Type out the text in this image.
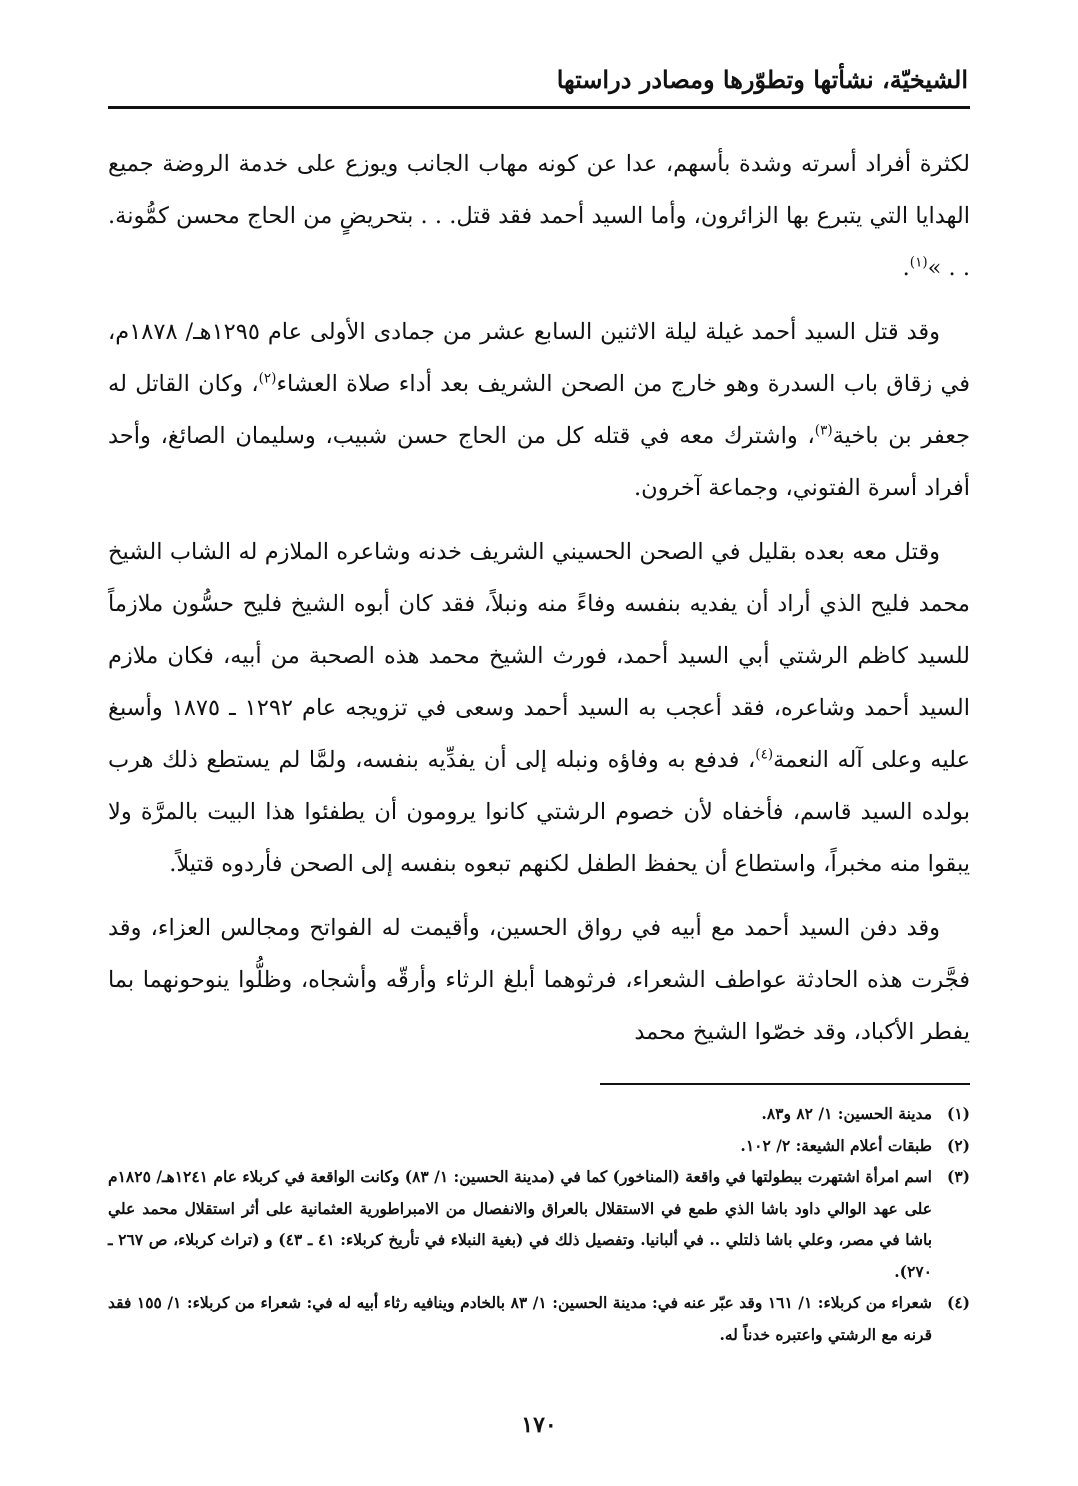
الشيخيّة، نشأتها وتطوّرها ومصادر دراستها

لكثرة أفراد أسرته وشدة بأسهم، عدا عن كونه مهاب الجانب ويوزع على خدمة الروضة جميع الهدايا التي يتبرع بها الزائرون، وأما السيد أحمد فقد قتل. . . بتحريضٍ من الحاج محسن كمُّونة. . . »$^{(١)}$.

وقد قتل السيد أحمد غيلة ليلة الاثنين السابع عشر من جمادى الأولى عام ١٢٩٥هـ/ ١٨٧٨م، في زقاق باب السدرة وهو خارج من الصحن الشريف بعد أداء صلاة العشاء$^{(٢)}$، وكان القاتل له جعفر بن باخية$^{(٣)}$، واشترك معه في قتله كل من الحاج حسن شبيب، وسليمان الصائغ، وأحد أفراد أسرة الفتوني، وجماعة آخرون.

وقتل معه بعده بقليل في الصحن الحسيني الشريف خدنه وشاعره الملازم له الشاب الشيخ محمد فليح الذي أراد أن يفديه بنفسه وفاءً منه ونبلاً، فقد كان أبوه الشيخ فليح حسُّون ملازماً للسيد كاظم الرشتي أبي السيد أحمد، فورث الشيخ محمد هذه الصحبة من أبيه، فكان ملازم السيد أحمد وشاعره، فقد أعجب به السيد أحمد وسعى في تزويجه عام ١٢٩٢ ـ ١٨٧٥ وأسبغ عليه وعلى آله النعمة$^{(٤)}$، فدفع به وفاؤه ونبله إلى أن يفدِّيه بنفسه، ولمَّا لم يستطع ذلك هرب بولده السيد قاسم، فأخفاه لأن خصوم الرشتي كانوا يرومون أن يطفئوا هذا البيت بالمرَّة ولا يبقوا منه مخبراً، واستطاع أن يحفظ الطفل لكنهم تبعوه بنفسه إلى الصحن فأردوه قتيلاً.

وقد دفن السيد أحمد مع أبيه في رواق الحسين، وأقيمت له الفواتح ومجالس العزاء، وقد فجَّرت هذه الحادثة عواطف الشعراء، فرثوهما أبلغ الرثاء وأرقّه وأشجاه، وظلُّوا ينوحونهما بما يفطر الأكباد، وقد خصّوا الشيخ محمد

(١)
مدينة الحسين: ١/ ٨٢ و٨٣.
(٢)
طبقات أعلام الشيعة: ٢/ ١٠٢.
(٣)
اسم امرأة اشتهرت ببطولتها في واقعة (المناخور) كما في (مدينة الحسين: ١/ ٨٣) وكانت الواقعة في كربلاء عام ١٢٤١هـ/ ١٨٢٥م على عهد الوالي داود باشا الذي طمع في الاستقلال بالعراق والانفصال من الامبراطورية العثمانية على أثر استقلال محمد علي باشا في مصر، وعلي باشا ذلتلي .. في ألبانيا. وتفصيل ذلك في (بغية النبلاء في تأريخ كربلاء: ٤١ ـ ٤٣) و (تراث كربلاء، ص ٢٦٧ ـ ٢٧٠).
(٤)
شعراء من كربلاء: ١/ ١٦١ وقد عبّر عنه في: مدينة الحسين: ١/ ٨٣ بالخادم وينافيه رثاء أبيه له في: شعراء من كربلاء: ١/ ١٥٥ فقد قرنه مع الرشتي واعتبره خدناً له.
١٧٠
